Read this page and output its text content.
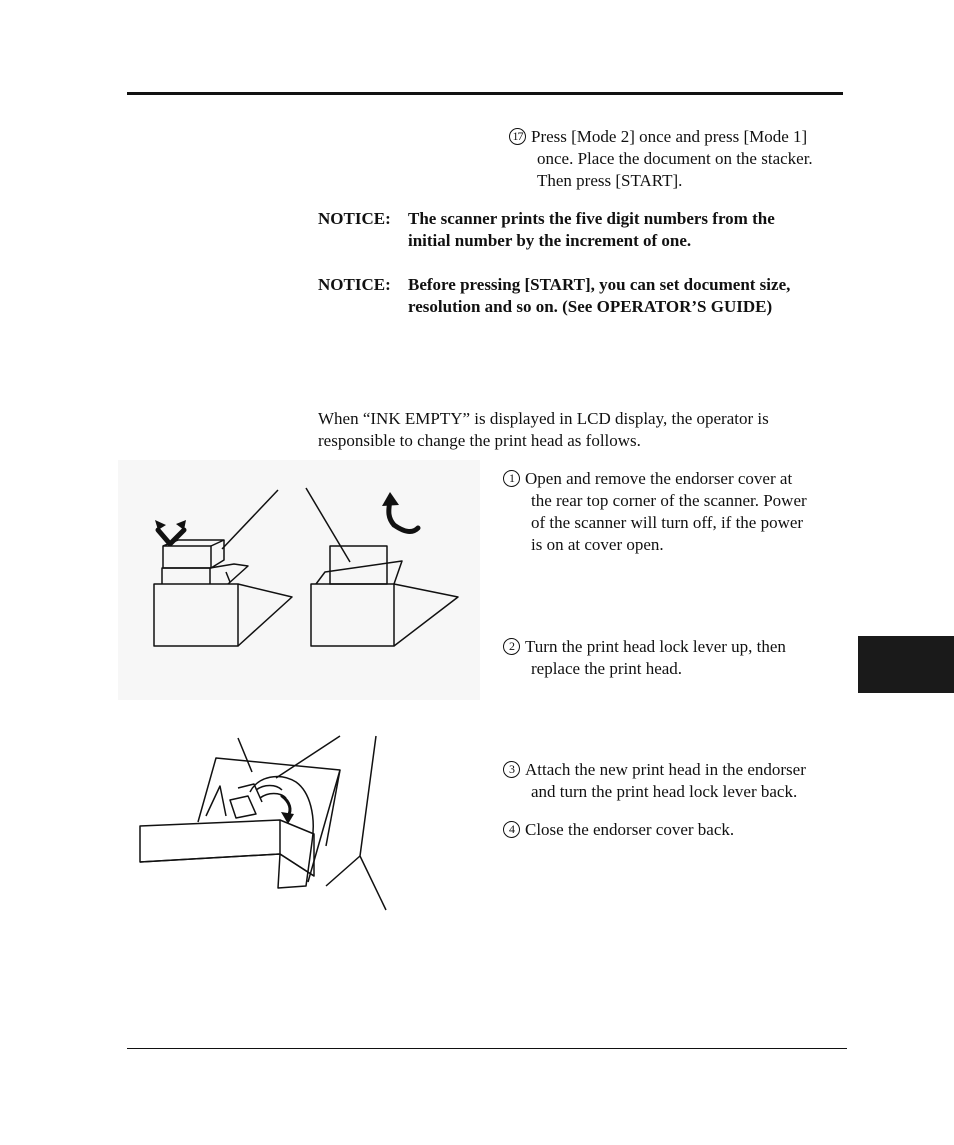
17 Press [Mode 2] once and press [Mode 1]
once. Place the document on the stacker.
Then press [START].
NOTICE: The scanner prints the five digit numbers from the
initial number by the increment of one.
NOTICE: Before pressing [START], you can set document size,
resolution and so on. (See OPERATOR’S GUIDE)
When “INK EMPTY” is displayed in LCD display, the operator is
responsible to change the print head as follows.
1 Open and remove the endorser cover at
the rear top corner of the scanner. Power
of the scanner will turn off, if the power
is on at cover open.
2 Turn the print head lock lever up, then
replace the print head.
3 Attach the new print head in the endorser
and turn the print head lock lever back.
4 Close the endorser cover back.
